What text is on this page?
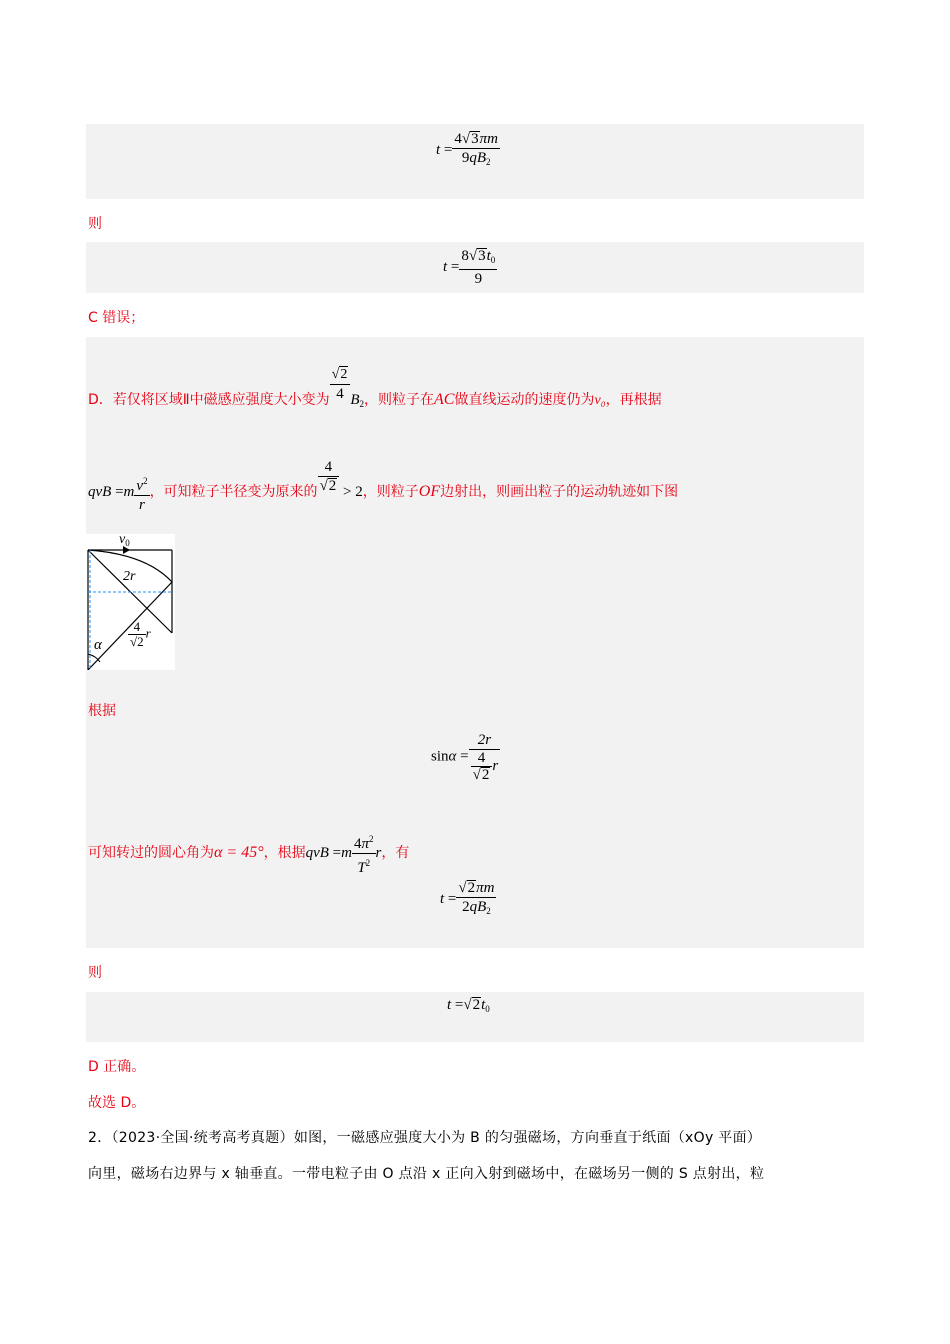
$t = \frac{4√3\pi m}{9qB_2}$
则
$t = \frac{8√3t_0}{9}$
C 错误；
D．若仅将区域Ⅱ中磁感应强度大小变为 $\frac{√2}{4} B_2$，则粒子在AC做直线运动的速度仍为v₀，再根据
qvB $=m \frac{v^2}{r}$ ，可知粒子半径变为原来的 $\frac{4}{√2} > 2$，则粒子OF边射出，则画出粒子的运动轨迹如下图
$v_0$
2r
$\frac{4}{√2}$ r
α
根据
$\sin\alpha = \frac{2r}{\frac{4}{√2} r}$
可知转过的圆心角为α = 45°，根据qvB $=m \frac{4\pi^2}{T^2}$ r，有
$t = \frac{√2\pi m}{2qB_2}$
则
$t =√2t_0$
D 正确。
故选 D。
2．（2023·全国·统考高考真题）如图，一磁感应强度大小为 B 的匀强磁场，方向垂直于纸面（xOy 平面）
向里，磁场右边界与 x 轴垂直。一带电粒子由 O 点沿 x 正向入射到磁场中，在磁场另一侧的 S 点射出，粒
